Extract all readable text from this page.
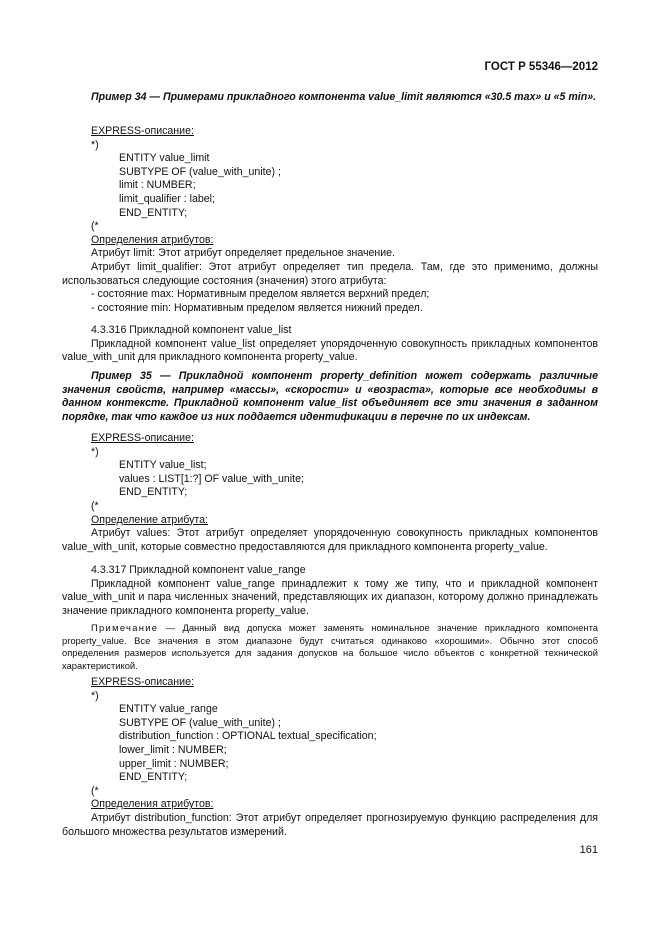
ГОСТ Р 55346—2012

Пример 34 — Примерами прикладного компонента value_limit являются «30.5 max» и «5 min».

EXPRESS-описание:

*)

ENTITY value_limit

SUBTYPE OF (value_with_unite) ;

limit : NUMBER;

limit_qualifier : label;

END_ENTITY;

(*

Определения атрибутов:

Атрибут limit: Этот атрибут определяет предельное значение.

Атрибут limit_qualifier: Этот атрибут определяет тип предела. Там, где это применимо, должны использоваться следующие состояния (значения) этого атрибута:

- состояние max: Нормативным пределом является верхний предел;

- состояние min: Нормативным пределом является нижний предел.

4.3.316 Прикладной компонент value_list

Прикладной компонент value_list определяет упорядоченную совокупность прикладных компонентов value_with_unit для прикладного компонента property_value.

Пример 35 — Прикладной компонент property_definition может содержать различные значения свойств, например «массы», «скорости» и «возраста», которые все необходимы в данном контексте. Прикладной компонент value_list объединяет все эти значения в заданном порядке, так что каждое из них поддается идентификации в перечне по их индексам.

EXPRESS-описание:

*)

ENTITY value_list;

values : LIST[1:?] OF value_with_unite;

END_ENTITY;

(*

Определение атрибута:

Атрибут values: Этот атрибут определяет упорядоченную совокупность прикладных компонентов value_with_unit, которые совместно предоставляются для прикладного компонента property_value.

4.3.317 Прикладной компонент value_range

Прикладной компонент value_range принадлежит к тому же типу, что и прикладной компонент value_with_unit и пара численных значений, представляющих их диапазон, которому должно принадлежать значение прикладного компонента property_value.

Примечание — Данный вид допуска может заменять номинальное значение прикладного компонента property_value. Все значения в этом диапазоне будут считаться одинаково «хорошими». Обычно этот способ определения размеров используется для задания допусков на большое число объектов с конкретной технической характеристикой.

EXPRESS-описание:

*)

ENTITY value_range

SUBTYPE OF (value_with_unite) ;

distribution_function : OPTIONAL textual_specification;

lower_limit : NUMBER;

upper_limit : NUMBER;

END_ENTITY;

(*

Определения атрибутов:

Атрибут distribution_function: Этот атрибут определяет прогнозируемую функцию распределения для большого множества результатов измерений.

161
